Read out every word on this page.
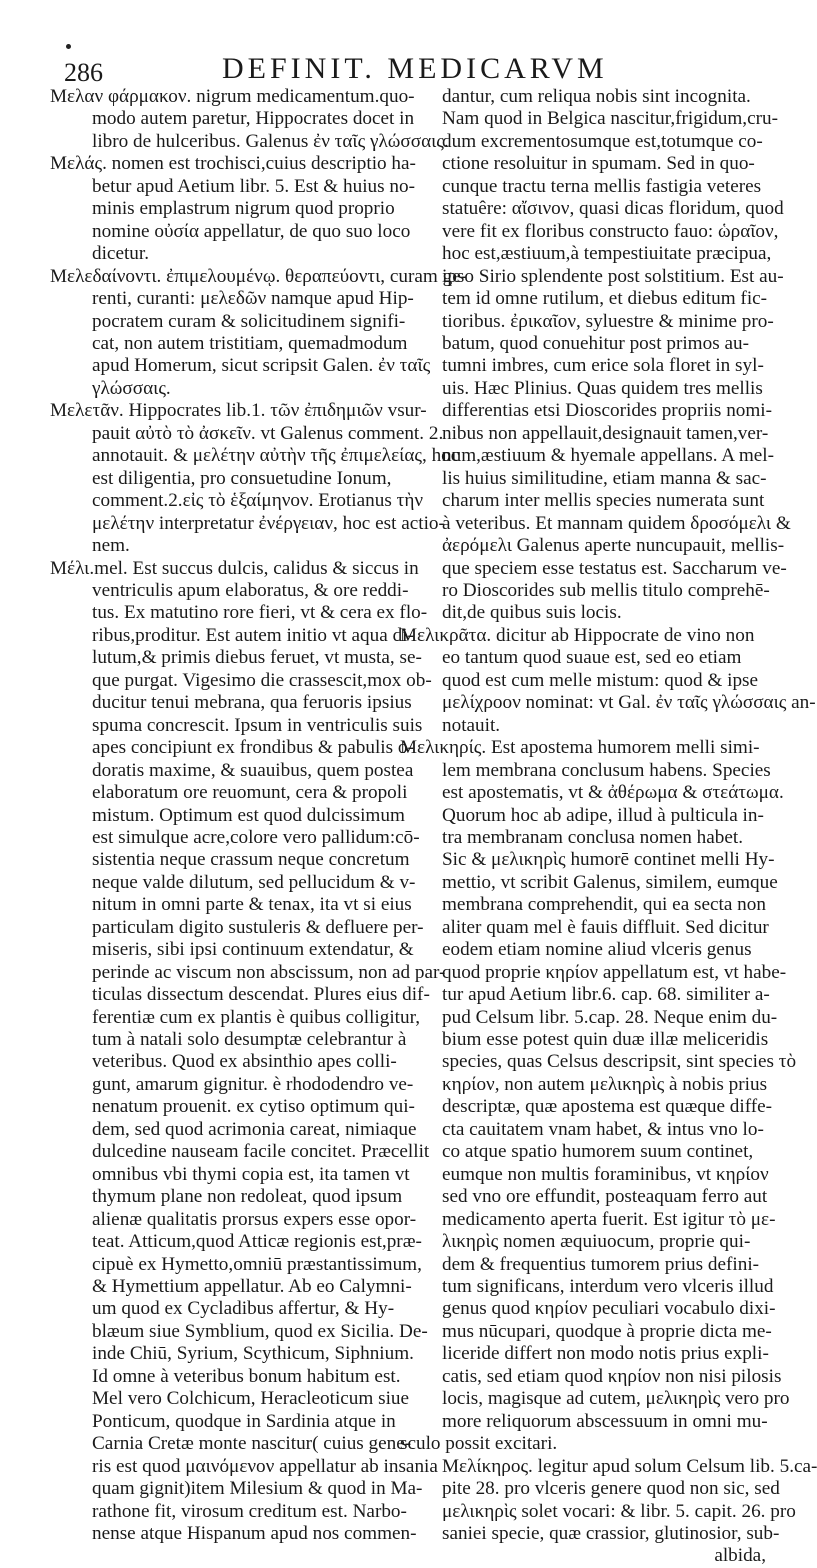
286	DEFINIT. MEDICARVM
Μελαν φάρμακον. nigrum medicamentum.quo-
modo autem paretur, Hippocrates docet in
libro de hulceribus. Galenus ἐν ταῖς γλώσσαις.
Μελάς. nomen est trochisci,cuius descriptio ha-
betur apud Aetium libr. 5. Est & huius no-
minis emplastrum nigrum quod proprio
nomine οὐσία appellatur, de quo suo loco
dicetur.
Μελεδαίνοντι. ἐπιμελουμένῳ. θεραπεύοντι, curam ge-
renti, curanti: μελεδῶν namque apud Hip-
pocratem curam & solicitudinem signifi-
cat, non autem tristitiam, quemadmodum
apud Homerum, sicut scripsit Galen. ἐν ταῖς
γλώσσαις.
Μελετᾶν. Hippocrates lib.1. τῶν ἐπιδημιῶν vsur-
pauit αὐτὸ τὸ ἀσκεῖν. vt Galenus comment. 2.
annotauit. & μελέτην αὐτὴν τῆς ἐπιμελείας, hoc
est diligentia, pro consuetudine Ionum,
comment.2.εἰς τὸ ἑξαίμηνον. Erotianus τὴν
μελέτην interpretatur ἐνέργειαν, hoc est actio-
nem.
Μέλι.mel. Est succus dulcis, calidus & siccus in
ventriculis apum elaboratus, & ore reddi-
tus. Ex matutino rore fieri, vt & cera ex flo-
ribus,proditur. Est autem initio vt aqua di-
lutum,& primis diebus feruet, vt musta, se-
que purgat. Vigesimo die crassescit,mox ob-
ducitur tenui mebrana, qua feruoris ipsius
spuma concrescit. Ipsum in ventriculis suis
apes concipiunt ex frondibus & pabulis o-
doratis maxime, & suauibus, quem postea
elaboratum ore reuomunt, cera & propoli
mistum. Optimum est quod dulcissimum
est simulque acre,colore vero pallidum:cō-
sistentia neque crassum neque concretum
neque valde dilutum, sed pellucidum & v-
nitum in omni parte & tenax, ita vt si eius
particulam digito sustuleris & defluere per-
miseris, sibi ipsi continuum extendatur, &
perinde ac viscum non abscissum, non ad par-
ticulas dissectum descendat. Plures eius dif-
ferentiæ cum ex plantis è quibus colligitur,
tum à natali solo desumptæ celebrantur à
veteribus. Quod ex absinthio apes colli-
gunt, amarum gignitur. è rhododendro ve-
nenatum prouenit. ex cytiso optimum qui-
dem, sed quod acrimonia careat, nimiaque
dulcedine nauseam facile concitet. Præcellit
omnibus vbi thymi copia est, ita tamen vt
thymum plane non redoleat, quod ipsum
alienæ qualitatis prorsus expers esse opor-
teat. Atticum,quod Atticæ regionis est,præ-
cipuè ex Hymetto,omniū præstantissimum,
& Hymettium appellatur. Ab eo Calymni-
um quod ex Cycladibus affertur, & Hy-
blæum siue Symblium, quod ex Sicilia. De-
inde Chiū, Syrium, Scythicum, Siphnium.
Id omne à veteribus bonum habitum est.
Mel vero Colchicum, Heracleoticum siue
Ponticum, quodque in Sardinia atque in
Carnia Cretæ monte nascitur( cuius gene-
ris est quod μαινόμενον appellatur ab insania
quam gignit)item Milesium & quod in Ma-
rathone fit, virosum creditum est. Narbo-
nense atque Hispanum apud nos commen-
dantur, cum reliqua nobis sint incognita.
Nam quod in Belgica nascitur,frigidum,cru-
dum excrementosumque est,totumque co-
ctione resoluitur in spumam. Sed in quo-
cunque tractu terna mellis fastigia veteres
statuêre: αἴσινον, quasi dicas floridum, quod
vere fit ex floribus constructo fauo: ὡραῖον,
hoc est,æstiuum,à tempestiuitate præcipua,
ipso Sirio splendente post solstitium. Est au-
tem id omne rutilum, et diebus editum fic-
tioribus. ἐρικαῖον, syluestre & minime pro-
batum, quod conuehitur post primos au-
tumni imbres, cum erice sola floret in syl-
uis. Hæc Plinius. Quas quidem tres mellis
differentias etsi Dioscorides propriis nomi-
nibus non appellauit,designauit tamen,ver-
num,æstiuum & hyemale appellans. A mel-
lis huius similitudine, etiam manna & sac-
charum inter mellis species numerata sunt
à veteribus. Et mannam quidem δροσόμελι &
ἀερόμελι Galenus aperte nuncupauit, mellis-
que speciem esse testatus est. Saccharum ve-
ro Dioscorides sub mellis titulo comprehē-
dit,de quibus suis locis.
Μελικρᾶτα. dicitur ab Hippocrate de vino non
eo tantum quod suaue est, sed eo etiam
quod est cum melle mistum: quod & ipse
μελίχροον nominat: vt Gal. ἐν ταῖς γλώσσαις an-
notauit.
Μελικηρίς. Est apostema humorem melli simi-
lem membrana conclusum habens. Species
est apostematis, vt & ἀθέρωμα & στεάτωμα.
Quorum hoc ab adipe, illud à pulticula in-
tra membranam conclusa nomen habet.
Sic & μελικηρὶς humorē continet melli Hy-
mettio, vt scribit Galenus, similem, eumque
membrana comprehendit, qui ea secta non
aliter quam mel è fauis diffluit. Sed dicitur
eodem etiam nomine aliud vlceris genus
quod proprie κηρίον appellatum est, vt habe-
tur apud Aetium libr.6. cap. 68. similiter a-
pud Celsum libr. 5.cap. 28. Neque enim du-
bium esse potest quin duæ illæ meliceridis
species, quas Celsus descripsit, sint species τὸ
κηρίον, non autem μελικηρὶς à nobis prius
descriptæ, quæ apostema est quæque diffe-
cta cauitatem vnam habet, & intus vno lo-
co atque spatio humorem suum continet,
eumque non multis foraminibus, vt κηρίον
sed vno ore effundit, posteaquam ferro aut
medicamento aperta fuerit. Est igitur τὸ με-
λικηρὶς nomen æquiuocum, proprie qui-
dem & frequentius tumorem prius defini-
tum significans, interdum vero vlceris illud
genus quod κηρίον peculiari vocabulo dixi-
mus nūcupari, quodque à proprie dicta me-
liceride differt non modo notis prius expli-
catis, sed etiam quod κηρίον non nisi pilosis
locis, magisque ad cutem, μελικηρὶς vero pro
more reliquorum abscessuum in omni mu-
sculo possit excitari.
Μελίκηρος. legitur apud solum Celsum lib. 5.ca-
pite 28. pro vlceris genere quod non sic, sed
μελικηρὶς solet vocari: & libr. 5. capit. 26. pro
saniei specie, quæ crassior, glutinosior, sub-
albida,
